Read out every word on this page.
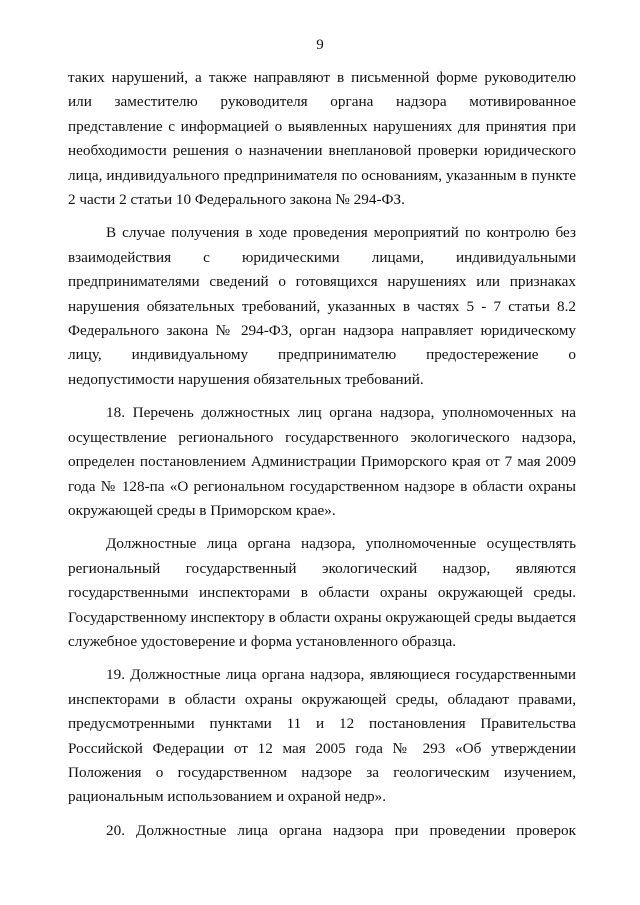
9

таких нарушений, а также направляют в письменной форме руководителю или заместителю руководителя органа надзора мотивированное представление с информацией о выявленных нарушениях для принятия при необходимости решения о назначении внеплановой проверки юридического лица, индивидуального предпринимателя по основаниям, указанным в пункте 2 части 2 статьи 10 Федерального закона № 294-ФЗ.

В случае получения в ходе проведения мероприятий по контролю без взаимодействия с юридическими лицами, индивидуальными предпринимателями сведений о готовящихся нарушениях или признаках нарушения обязательных требований, указанных в частях 5 - 7 статьи 8.2 Федерального закона № 294-ФЗ, орган надзора направляет юридическому лицу, индивидуальному предпринимателю предостережение о недопустимости нарушения обязательных требований.

18. Перечень должностных лиц органа надзора, уполномоченных на осуществление регионального государственного экологического надзора, определен постановлением Администрации Приморского края от 7 мая 2009 года № 128-па «О региональном государственном надзоре в области охраны окружающей среды в Приморском крае».

Должностные лица органа надзора, уполномоченные осуществлять региональный государственный экологический надзор, являются государственными инспекторами в области охраны окружающей среды. Государственному инспектору в области охраны окружающей среды выдается служебное удостоверение и форма установленного образца.

19. Должностные лица органа надзора, являющиеся государственными инспекторами в области охраны окружающей среды, обладают правами, предусмотренными пунктами 11 и 12 постановления Правительства Российской Федерации от 12 мая 2005 года № 293 «Об утверждении Положения о государственном надзоре за геологическим изучением, рациональным использованием и охраной недр».

20. Должностные лица органа надзора при проведении проверок
